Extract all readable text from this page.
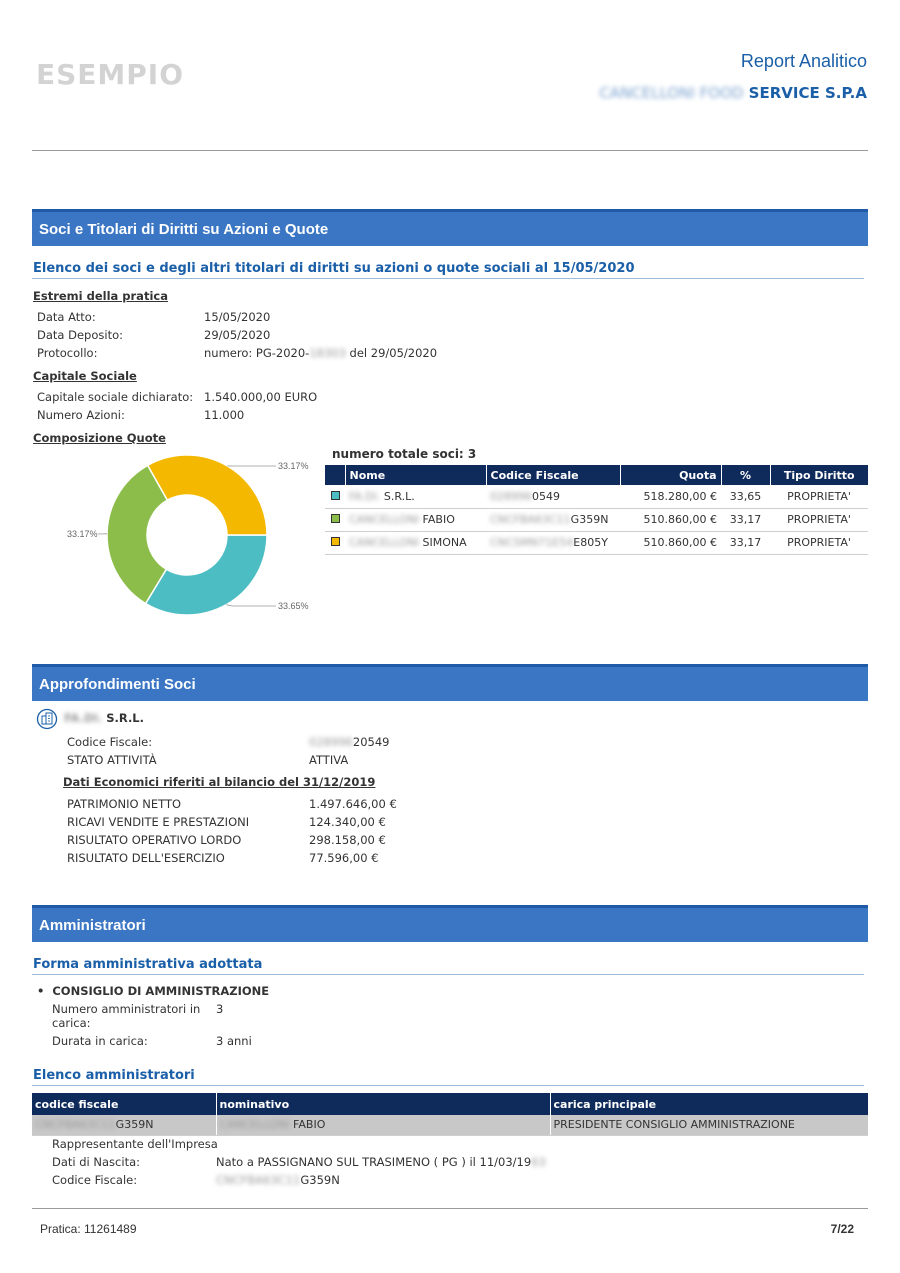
ESEMPIO	Report Analitico
CANCELLONI FOOD SERVICE S.P.A
Soci e Titolari di Diritti su Azioni e Quote
Elenco dei soci e degli altri titolari di diritti su azioni o quote sociali al 15/05/2020
Estremi della pratica
Data Atto:	15/05/2020
Data Deposito:	29/05/2020
Protocollo:	numero: PG-2020-18303 del 29/05/2020
Capitale Sociale
Capitale sociale dichiarato: 1.540.000,00 EURO
Numero Azioni:	11.000
Composizione Quote
33.65%
33.17%
33.17%
numero totale soci: 3
	Nome	Codice Fiscale	Quota	%	Tipo Diritto
	FA.DI. S.R.L.	0289960549	518.280,00 €	33,65	PROPRIETA'
	CANCELLONI FABIO	CNCFBA63C11G359N	510.860,00 €	33,17	PROPRIETA'
	CANCELLONI SIMONA	CNCSMN71E54E805Y	510.860,00 €	33,17	PROPRIETA'
Approfondimenti Soci
FA.DI. S.R.L.
Codice Fiscale:	02899620549
STATO ATTIVITÀ	ATTIVA
Dati Economici riferiti al bilancio del 31/12/2019
PATRIMONIO NETTO	1.497.646,00 €
RICAVI VENDITE E PRESTAZIONI	124.340,00 €
RISULTATO OPERATIVO LORDO	298.158,00 €
RISULTATO DELL'ESERCIZIO	77.596,00 €
Amministratori
Forma amministrativa adottata
•  CONSIGLIO DI AMMINISTRAZIONE
Numero amministratori in carica:
3
Durata in carica:	3 anni
Elenco amministratori
codice fiscale	nominativo	carica principale
CNCFBA63C11G359N	CANCELLONI FABIO	PRESIDENTE CONSIGLIO AMMINISTRAZIONE
Rappresentante dell'Impresa
Dati di Nascita:	Nato a PASSIGNANO SUL TRASIMENO ( PG ) il 11/03/1963
Codice Fiscale:	CNCFBA63C11G359N
Pratica: 11261489	7/22
